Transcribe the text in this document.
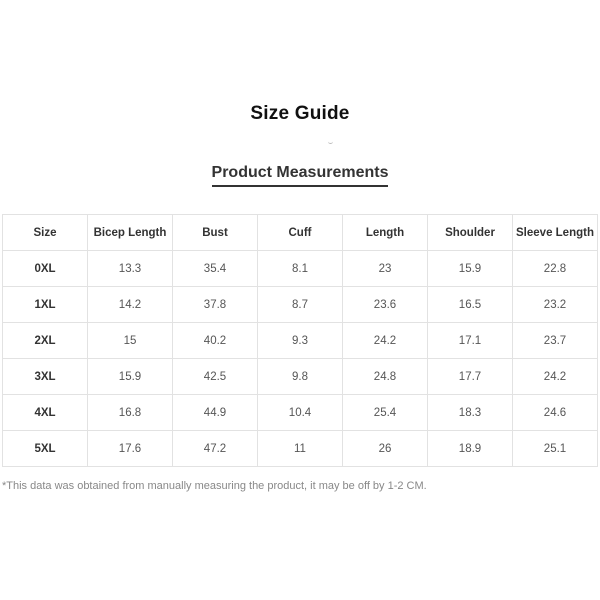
Size Guide
Product Measurements
Size	Bicep Length	Bust	Cuff	Length	Shoulder	Sleeve Length
0XL	13.3	35.4	8.1	23	15.9	22.8
1XL	14.2	37.8	8.7	23.6	16.5	23.2
2XL	15	40.2	9.3	24.2	17.1	23.7
3XL	15.9	42.5	9.8	24.8	17.7	24.2
4XL	16.8	44.9	10.4	25.4	18.3	24.6
5XL	17.6	47.2	11	26	18.9	25.1
*This data was obtained from manually measuring the product, it may be off by 1-2 CM.
